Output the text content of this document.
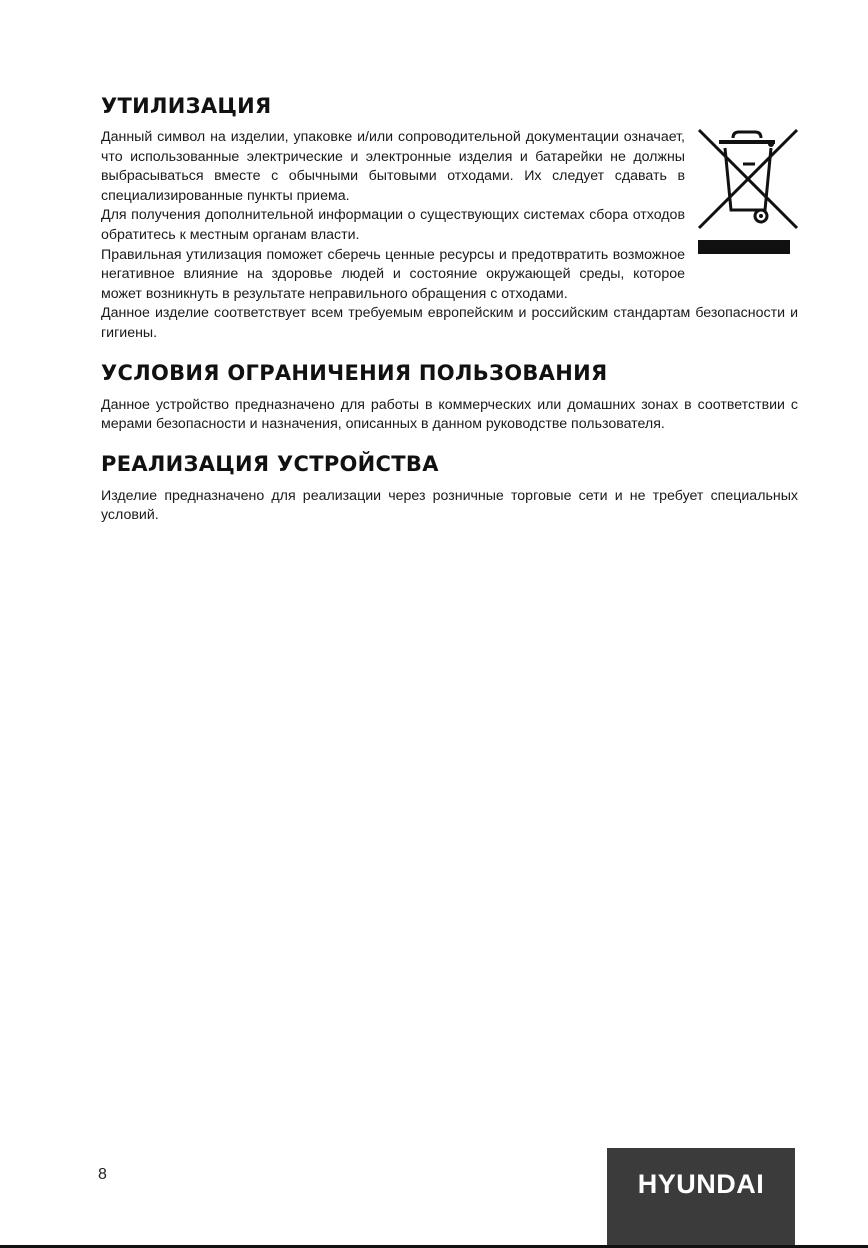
УТИЛИЗАЦИЯ

Данный символ на изделии, упаковке и/или сопроводительной документации означает, что использованные электрические и электронные изделия и батарейки не должны выбрасываться вместе с обычными бытовыми отходами. Их следует сдавать в специализированные пункты приема.

Для получения дополнительной информации о существующих системах сбора отходов обратитесь к местным органам власти.

Правильная утилизация поможет сберечь ценные ресурсы и предотвратить возможное негативное влияние на здоровье людей и состояние окружающей среды, которое может возникнуть в результате неправильного обращения с отходами.

Данное изделие соответствует всем требуемым европейским и российским стандартам безопасности и гигиены.

УСЛОВИЯ ОГРАНИЧЕНИЯ ПОЛЬЗОВАНИЯ

Данное устройство предназначено для работы в коммерческих или домашних зонах в соответствии с мерами безопасности и назначения, описанных в данном руководстве пользователя.

РЕАЛИЗАЦИЯ УСТРОЙСТВА

Изделие предназначено для реализации через розничные торговые сети и не требует специальных условий.

8	HYUNDAI
